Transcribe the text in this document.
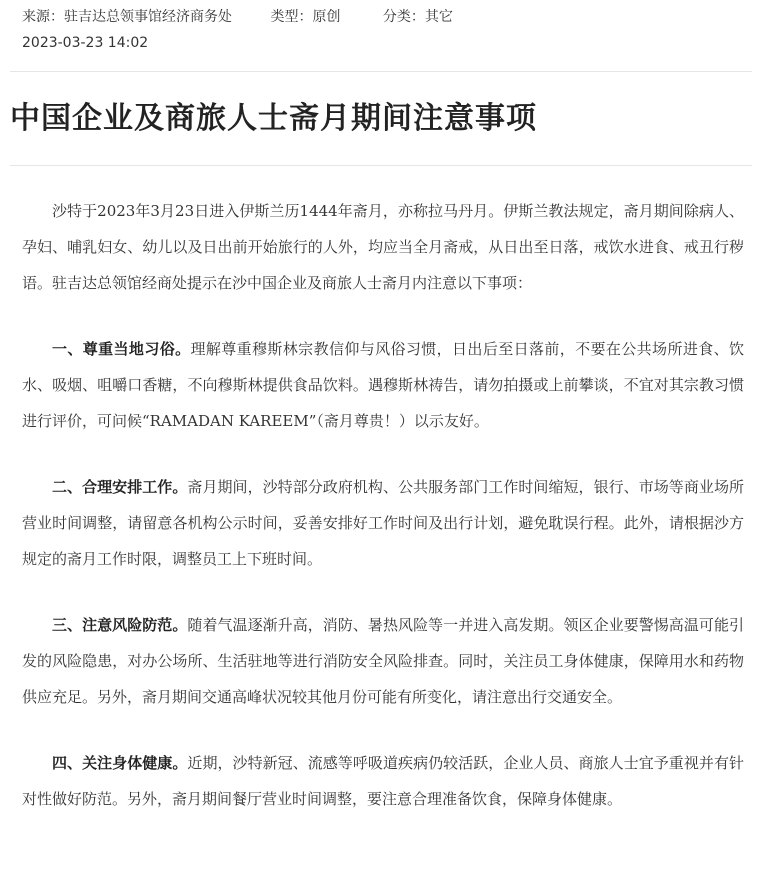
来源：驻吉达总领事馆经济商务处	类型：原创	分类：其它
2023-03-23 14:02
中国企业及商旅人士斋月期间注意事项

沙特于2023年3月23日进入伊斯兰历1444年斋月，亦称拉马丹月。伊斯兰教法规定，斋月期间除病人、孕妇、哺乳妇女、幼儿以及日出前开始旅行的人外，均应当全月斋戒，从日出至日落，戒饮水进食、戒丑行秽语。驻吉达总领馆经商处提示在沙中国企业及商旅人士斋月内注意以下事项：

一、尊重当地习俗。理解尊重穆斯林宗教信仰与风俗习惯，日出后至日落前，不要在公共场所进食、饮水、吸烟、咀嚼口香糖，不向穆斯林提供食品饮料。遇穆斯林祷告，请勿拍摄或上前攀谈，不宜对其宗教习惯进行评价，可问候“RAMADAN KAREEM”（斋月尊贵！）以示友好。

二、合理安排工作。斋月期间，沙特部分政府机构、公共服务部门工作时间缩短，银行、市场等商业场所营业时间调整，请留意各机构公示时间，妥善安排好工作时间及出行计划，避免耽误行程。此外，请根据沙方规定的斋月工作时限，调整员工上下班时间。

三、注意风险防范。随着气温逐渐升高，消防、暑热风险等一并进入高发期。领区企业要警惕高温可能引发的风险隐患，对办公场所、生活驻地等进行消防安全风险排查。同时，关注员工身体健康，保障用水和药物供应充足。另外，斋月期间交通高峰状况较其他月份可能有所变化，请注意出行交通安全。

四、关注身体健康。近期，沙特新冠、流感等呼吸道疾病仍较活跃，企业人员、商旅人士宜予重视并有针对性做好防范。另外，斋月期间餐厅营业时间调整，要注意合理准备饮食，保障身体健康。
